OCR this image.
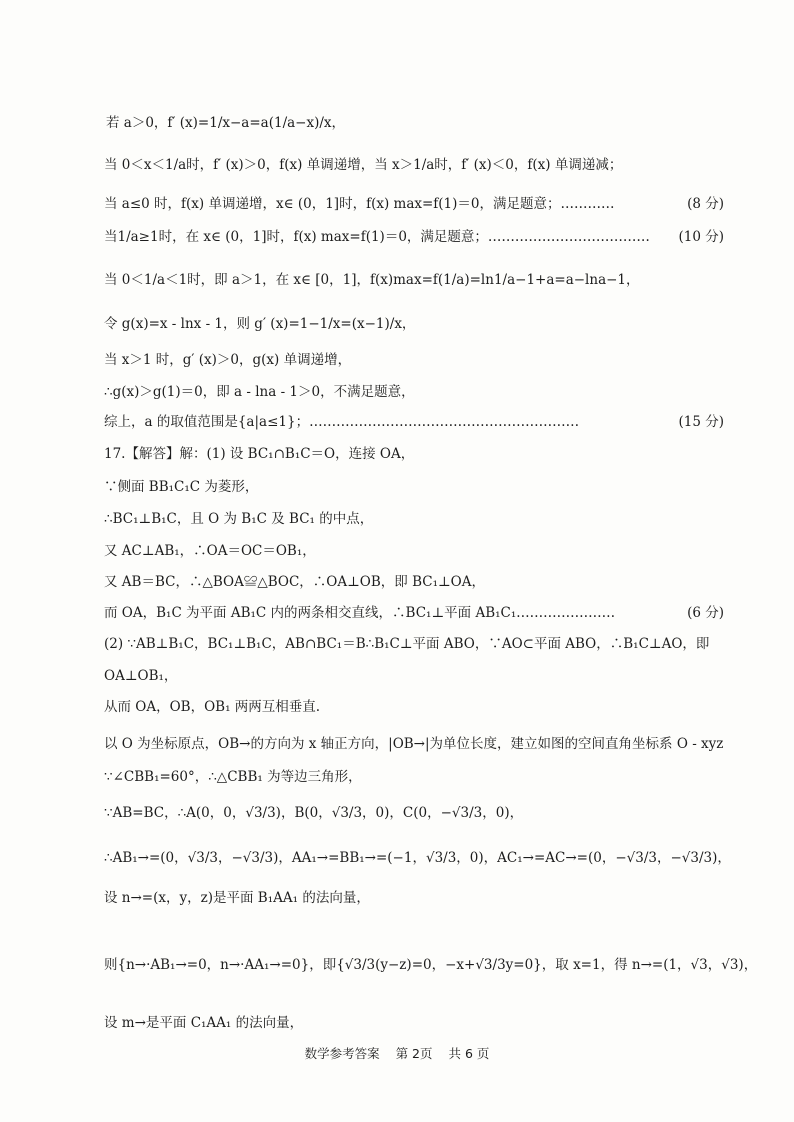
若 a＞0，f′ (x)=1/x−a=a(1/a−x)/x，
当 0＜x＜1/a时，f′ (x)＞0，f(x) 单调递增，当 x＞1/a时，f′ (x)＜0，f(x) 单调递减；
当 a≤0 时，f(x) 单调递增，x∈ (0，1]时，f(x) max=f(1)＝0，满足题意；…………	(8 分)
当1/a≥1时，在 x∈ (0，1]时，f(x) max=f(1)＝0，满足题意；……………………………… (10 分)
当 0＜1/a＜1时，即 a＞1，在 x∈ [0，1]，f(x)max=f(1/a)=ln1/a−1+a=a−lna−1，
令 g(x)=x - lnx - 1，则 g′ (x)=1−1/x=(x−1)/x，
当 x＞1 时，g′ (x)＞0，g(x) 单调递增，
∴g(x)＞g(1)＝0，即 a - lna - 1＞0，不满足题意，
综上，a 的取值范围是{a|a≤1}；……………………………………………………	(15 分)
17.【解答】解：(1) 设 BC₁∩B₁C＝O，连接 OA，
∵侧面 BB₁C₁C 为菱形，
∴BC₁⊥B₁C，且 O 为 B₁C 及 BC₁ 的中点，
又 AC⊥AB₁，∴OA＝OC＝OB₁，
又 AB＝BC，∴△BOA≌△BOC，∴OA⊥OB，即 BC₁⊥OA，
而 OA，B₁C 为平面 AB₁C 内的两条相交直线，∴BC₁⊥平面 AB₁C₁.…………………	(6 分)
(2) ∵AB⊥B₁C，BC₁⊥B₁C，AB∩BC₁＝B∴B₁C⊥平面 ABO，∵AO⊂平面 ABO，∴B₁C⊥AO，即
OA⊥OB₁，
从而 OA，OB，OB₁ 两两互相垂直.
以 O 为坐标原点，OB→的方向为 x 轴正方向，|OB→|为单位长度，建立如图的空间直角坐标系 O - xyz
∵∠CBB₁=60°，∴△CBB₁ 为等边三角形，
∵AB=BC，∴A(0，0，√3/3)，B(0，√3/3，0)，C(0，−√3/3，0)，
∴AB₁→=(0，√3/3，−√3/3)，AA₁→=BB₁→=(−1，√3/3，0)，AC₁→=AC→=(0，−√3/3，−√3/3)，
设 n→=(x，y，z)是平面 B₁AA₁ 的法向量，
则{n→·AB₁→=0，n→·AA₁→=0}，即{√3/3(y−z)=0，−x+√3/3y=0}，取 x=1，得 n→=(1，√3，√3)，
设 m→是平面 C₁AA₁ 的法向量，
数学参考答案 第 2页 共 6 页
